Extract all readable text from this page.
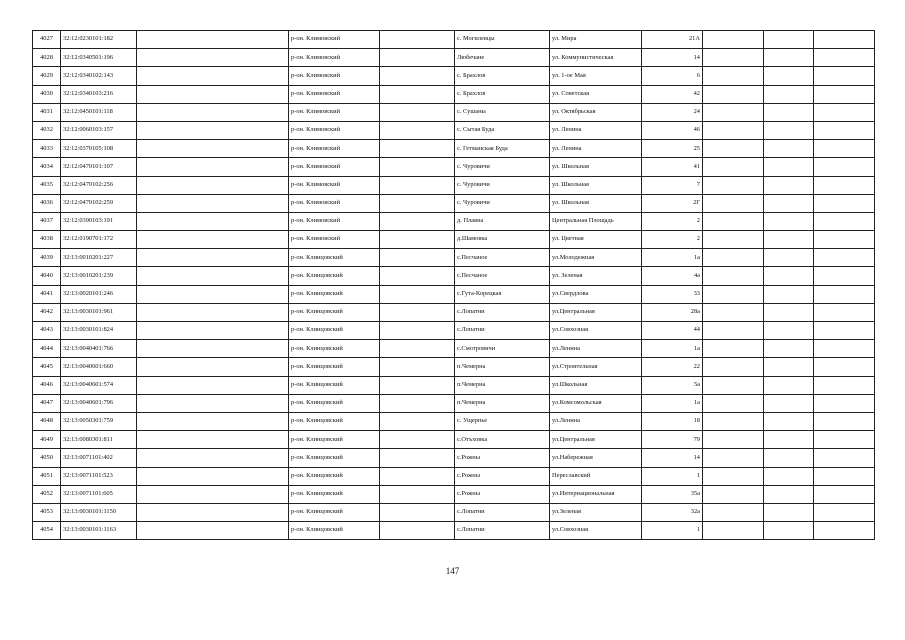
4027	32:12:0230101:182		р-он. Климовский		с. Могилевцы	ул. Мира	21А			
4028	32:12:0340501:196		р-он. Климовский		Любечане	ул. Коммунистическая	14			
4029	32:12:0340102:143		р-он. Климовский		с. Брахлов	ул. 1-ое Мая	6			
4030	32:12:0340103:216		р-он. Климовский		с. Брахлов	ул. Советская	42			
4031	32:12:0450101:118		р-он. Климовский		с. Сушаны	ул. Октябрьская	24			
4032	32:12:0060103:157		р-он. Климовский		с. Сытая Буда	ул. Ленина	46			
4033	32:12:0370105:108		р-он. Климовский		с. Гетманская Буда	ул. Ленина	25			
4034	32:12:0470101:107		р-он. Климовский		с. Чуровичи	ул. Школьная	41			
4035	32:12:0470102:256		р-он. Климовский		с. Чуровичи	ул. Школьная	7			
4036	32:12:0470102:259		р-он. Климовский		с. Чуровичи	ул. Школьная	2Г			
4037	32:12:0390103:191		р-он. Климовский		д. Плавна	Центральная Площадь	2			
4038	32:12:0190701:172		р-он. Климовский		д.Шамовка	ул. Цветная	2			
4039	32:13:0010201:227		р-он. Клинцовский		с.Песчаное	ул.Молодежная	1а			
4040	32:13:0010201:239		р-он. Клинцовский		с.Песчаное	ул. Зеленая	4а			
4041	32:13:0020101:246		р-он. Клинцовский		с.Гута-Корецкая	ул.Свердлова	33			
4042	32:13:0030101:961		р-он. Клинцовский		с.Лопатни	ул.Центральная	28а			
4043	32:13:0030101:824		р-он. Клинцовский		с.Лопатни	ул.Совхозная	44			
4044	32:13:0040401:766		р-он. Клинцовский		с.Смотровичи	ул.Ленина	1а			
4045	32:13:0040601:660		р-он. Клинцовский		п.Чемерна	ул.Строительная	22			
4046	32:13:0040601:574		р-он. Клинцовский		п.Чемерна	ул.Школьная	5а			
4047	32:13:0040601:796		р-он. Клинцовский		п.Чемерна	ул.Комсомольская	1а			
4048	32:13:0050301:759		р-он. Клинцовский		с. Ущерпье	ул.Ленина	18			
4049	32:13:0080301:811		р-он. Клинцовский		с.Отъховка	ул.Центральная	79			
4050	32:13:0071101:402		р-он. Клинцовский		с.Рожны	ул.Набережная	14			
4051	32:13:0071101:523		р-он. Клинцовский		с.Рожны	Переславский	1			
4052	32:13:0071101:605		р-он. Клинцовский		с.Рожны	ул.Интернациональная	35а			
4053	32:13:0030101:1150		р-он. Клинцовский		с.Лопатни	ул.Зеленая	32а			
4054	32:13:0030101:1163		р-он. Клинцовский		с.Лопатни	ул.Совхозная	1			
147
